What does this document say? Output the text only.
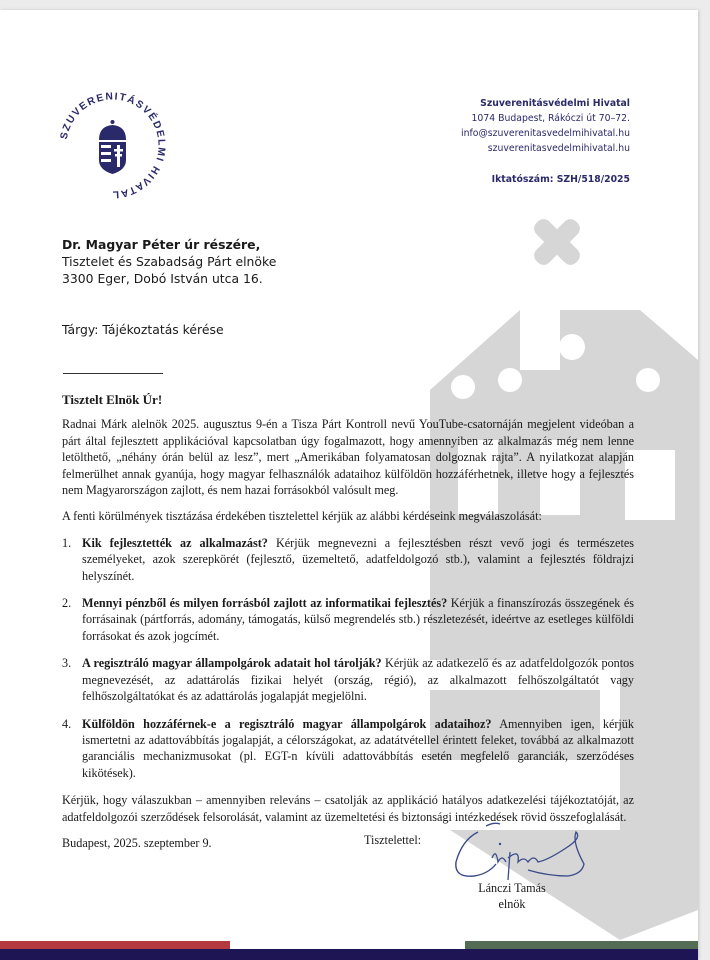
SZUVERENITÁSVÉDELMI HIVATAL
Szuverenitásvédelmi Hivatal
1074 Budapest, Rákóczi út 70–72.
info@szuverenitasvedelmihivatal.hu
szuverenitasvedelmihivatal.hu
Iktatószám: SZH/518/2025
Dr. Magyar Péter úr részére,
Tisztelet és Szabadság Párt elnöke
3300 Eger, Dobó István utca 16.
Tárgy: Tájékoztatás kérése
Tisztelt Elnök Úr!

Radnai Márk alelnök 2025. augusztus 9-én a Tisza Párt Kontroll nevű YouTube-csatornáján megjelent videóban a párt által fejlesztett applikációval kapcsolatban úgy fogalmazott, hogy amennyiben az alkalmazás még nem lenne letölthető, „néhány órán belül az lesz”, mert „Amerikában folyamatosan dolgoznak rajta”. A nyilatkozat alapján felmerülhet annak gyanúja, hogy magyar felhasználók adataihoz külföldön hozzáférhetnek, illetve hogy a fejlesztés nem Magyarországon zajlott, és nem hazai forrásokból valósult meg.

A fenti körülmények tisztázása érdekében tisztelettel kérjük az alábbi kérdéseink megválaszolását:

1. Kik fejlesztették az alkalmazást? Kérjük megnevezni a fejlesztésben részt vevő jogi és természetes személyeket, azok szerepkörét (fejlesztő, üzemeltető, adatfeldolgozó stb.), valamint a fejlesztés földrajzi helyszínét.
2. Mennyi pénzből és milyen forrásból zajlott az informatikai fejlesztés? Kérjük a finanszírozás összegének és forrásainak (pártforrás, adomány, támogatás, külső megrendelés stb.) részletezését, ideértve az esetleges külföldi forrásokat és azok jogcímét.
3. A regisztráló magyar állampolgárok adatait hol tárolják? Kérjük az adatkezelő és az adatfeldolgozók pontos megnevezését, az adattárolás fizikai helyét (ország, régió), az alkalmazott felhőszolgáltatót vagy felhőszolgáltatókat és az adattárolás jogalapját megjelölni.
4. Külföldön hozzáférnek-e a regisztráló magyar állampolgárok adataihoz? Amennyiben igen, kérjük ismertetni az adattovábbítás jogalapját, a célországokat, az adatátvétellel érintett feleket, továbbá az alkalmazott garanciális mechanizmusokat (pl. EGT-n kívüli adattovábbítás esetén megfelelő garanciák, szerződéses kikötések).

Kérjük, hogy válaszukban – amennyiben releváns – csatolják az applikáció hatályos adatkezelési tájékoztatóját, az adatfeldolgozói szerződések felsorolását, valamint az üzemeltetési és biztonsági intézkedések rövid összefoglalását.

Budapest, 2025. szeptember 9.	Tisztelettel:
Lánczi Tamás
elnök
